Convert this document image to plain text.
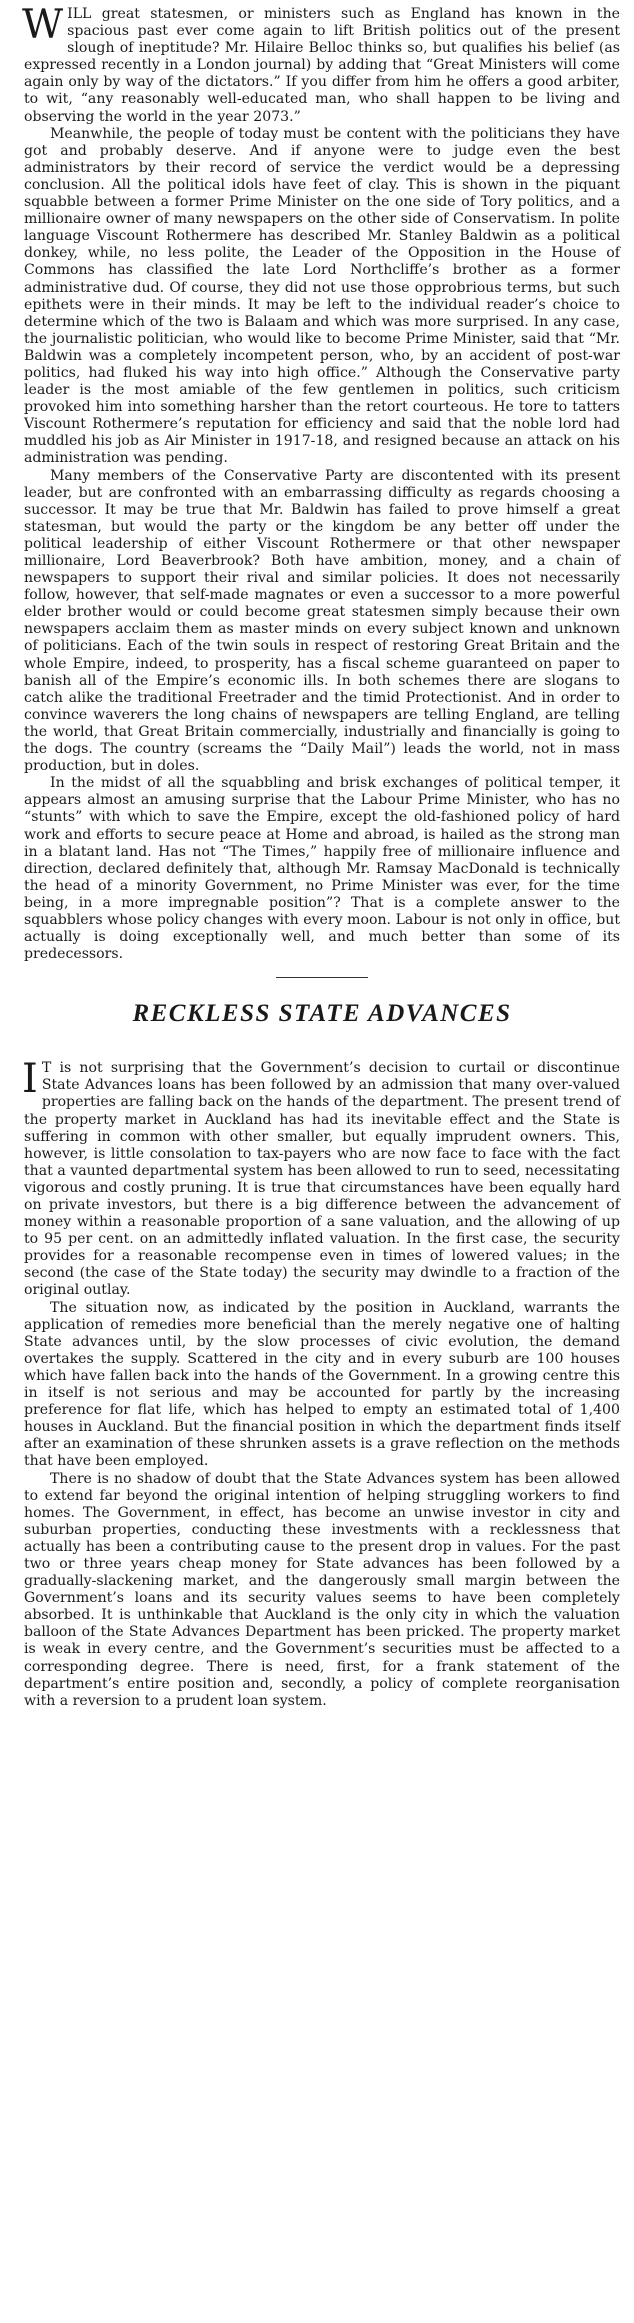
WILL great statesmen, or ministers such as England has known in the spacious past ever come again to lift British politics out of the present slough of ineptitude? Mr. Hilaire Belloc thinks so, but qualifies his belief (as expressed recently in a London journal) by adding that “Great Ministers will come again only by way of the dictators.” If you differ from him he offers a good arbiter, to wit, “any reasonably well-educated man, who shall happen to be living and observing the world in the year 2073.”

Meanwhile, the people of today must be content with the politicians they have got and probably deserve. And if anyone were to judge even the best administrators by their record of service the verdict would be a depressing conclusion. All the political idols have feet of clay. This is shown in the piquant squabble between a former Prime Minister on the one side of Tory politics, and a millionaire owner of many newspapers on the other side of Conservatism. In polite language Viscount Rothermere has described Mr. Stanley Baldwin as a political donkey, while, no less polite, the Leader of the Opposition in the House of Commons has classified the late Lord Northcliffe’s brother as a former administrative dud. Of course, they did not use those opprobrious terms, but such epithets were in their minds. It may be left to the individual reader’s choice to determine which of the two is Balaam and which was more surprised. In any case, the journalistic politician, who would like to become Prime Minister, said that “Mr. Baldwin was a completely incompetent person, who, by an accident of post-war politics, had fluked his way into high office.” Although the Conservative party leader is the most amiable of the few gentlemen in politics, such criticism provoked him into something harsher than the retort courteous. He tore to tatters Viscount Rothermere’s reputation for efficiency and said that the noble lord had muddled his job as Air Minister in 1917-18, and resigned because an attack on his administration was pending.

Many members of the Conservative Party are discontented with its present leader, but are confronted with an embarrassing difficulty as regards choosing a successor. It may be true that Mr. Baldwin has failed to prove himself a great statesman, but would the party or the kingdom be any better off under the political leadership of either Viscount Rothermere or that other newspaper millionaire, Lord Beaverbrook? Both have ambition, money, and a chain of newspapers to support their rival and similar policies. It does not necessarily follow, however, that self-made magnates or even a successor to a more powerful elder brother would or could become great statesmen simply because their own newspapers acclaim them as master minds on every subject known and unknown of politicians. Each of the twin souls in respect of restoring Great Britain and the whole Empire, indeed, to prosperity, has a fiscal scheme guaranteed on paper to banish all of the Empire’s economic ills. In both schemes there are slogans to catch alike the traditional Freetrader and the timid Protectionist. And in order to convince waverers the long chains of newspapers are telling England, are telling the world, that Great Britain commercially, industrially and financially is going to the dogs. The country (screams the “Daily Mail”) leads the world, not in mass production, but in doles.

In the midst of all the squabbling and brisk exchanges of political temper, it appears almost an amusing surprise that the Labour Prime Minister, who has no “stunts” with which to save the Empire, except the old-fashioned policy of hard work and efforts to secure peace at Home and abroad, is hailed as the strong man in a blatant land. Has not “The Times,” happily free of millionaire influence and direction, declared definitely that, although Mr. Ramsay MacDonald is technically the head of a minority Government, no Prime Minister was ever, for the time being, in a more impregnable position”? That is a complete answer to the squabblers whose policy changes with every moon. Labour is not only in office, but actually is doing exceptionally well, and much better than some of its predecessors.

RECKLESS STATE ADVANCES

I T is not surprising that the Government’s decision to curtail or discontinue State Advances loans has been followed by an admission that many over-valued properties are falling back on the hands of the department. The present trend of the property market in Auckland has had its inevitable effect and the State is suffering in common with other smaller, but equally imprudent owners. This, however, is little consolation to tax-payers who are now face to face with the fact that a vaunted departmental system has been allowed to run to seed, necessitating vigorous and costly pruning. It is true that circumstances have been equally hard on private investors, but there is a big difference between the advancement of money within a reasonable proportion of a sane valuation, and the allowing of up to 95 per cent. on an admittedly inflated valuation. In the first case, the security provides for a reasonable recompense even in times of lowered values; in the second (the case of the State today) the security may dwindle to a fraction of the original outlay.

The situation now, as indicated by the position in Auckland, warrants the application of remedies more beneficial than the merely negative one of halting State advances until, by the slow processes of civic evolution, the demand overtakes the supply. Scattered in the city and in every suburb are 100 houses which have fallen back into the hands of the Government. In a growing centre this in itself is not serious and may be accounted for partly by the increasing preference for flat life, which has helped to empty an estimated total of 1,400 houses in Auckland. But the financial position in which the department finds itself after an examination of these shrunken assets is a grave reflection on the methods that have been employed.

There is no shadow of doubt that the State Advances system has been allowed to extend far beyond the original intention of helping struggling workers to find homes. The Government, in effect, has become an unwise investor in city and suburban properties, conducting these investments with a recklessness that actually has been a contributing cause to the present drop in values. For the past two or three years cheap money for State advances has been followed by a gradually-slackening market, and the dangerously small margin between the Government’s loans and its security values seems to have been completely absorbed. It is unthinkable that Auckland is the only city in which the valuation balloon of the State Advances Department has been pricked. The property market is weak in every centre, and the Government’s securities must be affected to a corresponding degree. There is need, first, for a frank statement of the department’s entire position and, secondly, a policy of complete reorganisation with a reversion to a prudent loan system.
